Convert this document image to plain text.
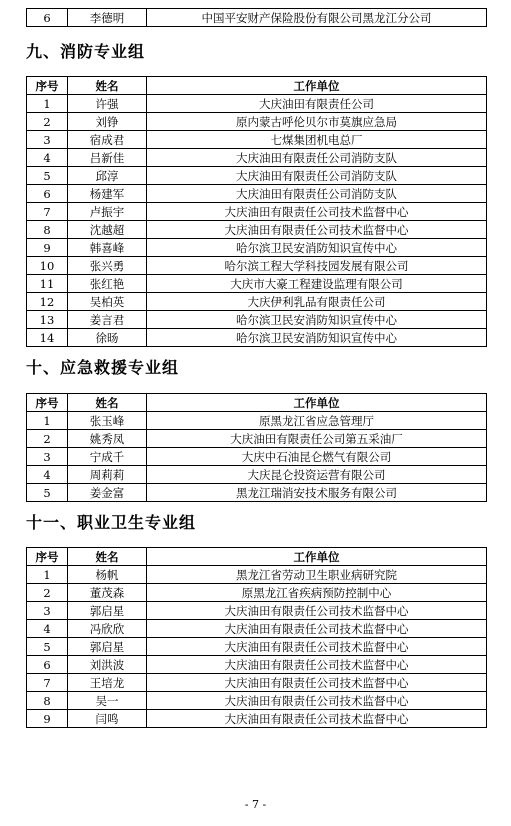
6	李德明	中国平安财产保险股份有限公司黑龙江分公司
九、消防专业组
序号	姓名	工作单位
1	许强	大庆油田有限责任公司
2	刘铮	原内蒙古呼伦贝尔市莫旗应急局
3	宿成君	七煤集团机电总厂
4	吕新佳	大庆油田有限责任公司消防支队
5	邱淳	大庆油田有限责任公司消防支队
6	杨建军	大庆油田有限责任公司消防支队
7	卢振宇	大庆油田有限责任公司技术监督中心
8	沈越超	大庆油田有限责任公司技术监督中心
9	韩喜峰	哈尔滨卫民安消防知识宣传中心
10	张兴勇	哈尔滨工程大学科技园发展有限公司
11	张红艳	大庆市大豪工程建设监理有限公司
12	吴柏英	大庆伊利乳品有限责任公司
13	姜言君	哈尔滨卫民安消防知识宣传中心
14	徐旸	哈尔滨卫民安消防知识宣传中心
十、应急救援专业组
序号	姓名	工作单位
1	张玉峰	原黑龙江省应急管理厅
2	姚秀凤	大庆油田有限责任公司第五采油厂
3	宁成千	大庆中石油昆仑燃气有限公司
4	周莉莉	大庆昆仑投资运营有限公司
5	姜金富	黑龙江瑞消安技术服务有限公司
十一、职业卫生专业组
序号	姓名	工作单位
1	杨帆	黑龙江省劳动卫生职业病研究院
2	董茂森	原黑龙江省疾病预防控制中心
3	郭启星	大庆油田有限责任公司技术监督中心
4	冯欣欣	大庆油田有限责任公司技术监督中心
5	郭启星	大庆油田有限责任公司技术监督中心
6	刘洪波	大庆油田有限责任公司技术监督中心
7	王培龙	大庆油田有限责任公司技术监督中心
8	吴一	大庆油田有限责任公司技术监督中心
9	闫鸣	大庆油田有限责任公司技术监督中心
- 7 -
